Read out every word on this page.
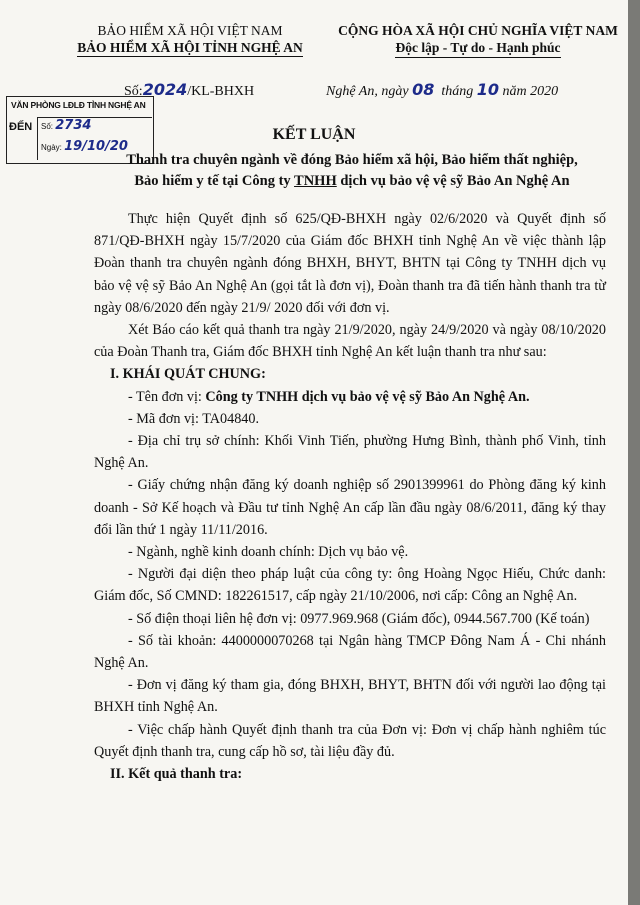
BẢO HIỂM XÃ HỘI VIỆT NAM
BẢO HIỂM XÃ HỘI TỈNH NGHỆ AN
CỘNG HÒA XÃ HỘI CHỦ NGHĨA VIỆT NAM
Độc lập - Tự do - Hạnh phúc
Số:2024/KL-BHXH	Nghệ An, ngày 08 tháng 10 năm 2020
VĂN PHÒNG LĐLĐ TỈNH NGHỆ AN
ĐẾN Số: 2734
Ngày: 19/10/20
KẾT LUẬN
Thanh tra chuyên ngành về đóng Bảo hiểm xã hội, Bảo hiểm thất nghiệp,
Bảo hiểm y tế tại Công ty TNHH dịch vụ bảo vệ vệ sỹ Bảo An Nghệ An

Thực hiện Quyết định số 625/QĐ-BHXH ngày 02/6/2020 và Quyết định số 871/QĐ-BHXH ngày 15/7/2020 của Giám đốc BHXH tỉnh Nghệ An về việc thành lập Đoàn thanh tra chuyên ngành đóng BHXH, BHYT, BHTN tại Công ty TNHH dịch vụ bảo vệ vệ sỹ Bảo An Nghệ An (gọi tắt là đơn vị), Đoàn thanh tra đã tiến hành thanh tra từ ngày 08/6/2020 đến ngày 21/9/ 2020 đối với đơn vị.

Xét Báo cáo kết quả thanh tra ngày 21/9/2020, ngày 24/9/2020 và ngày 08/10/2020 của Đoàn Thanh tra, Giám đốc BHXH tỉnh Nghệ An kết luận thanh tra như sau:

I. KHÁI QUÁT CHUNG:

- Tên đơn vị: Công ty TNHH dịch vụ bảo vệ vệ sỹ Bảo An Nghệ An.

- Mã đơn vị: TA04840.

- Địa chỉ trụ sở chính: Khối Vinh Tiến, phường Hưng Bình, thành phố Vinh, tỉnh Nghệ An.

- Giấy chứng nhận đăng ký doanh nghiệp số 2901399961 do Phòng đăng ký kinh doanh - Sở Kế hoạch và Đầu tư tỉnh Nghệ An cấp lần đầu ngày 08/6/2011, đăng ký thay đổi lần thứ 1 ngày 11/11/2016.

- Ngành, nghề kinh doanh chính: Dịch vụ bảo vệ.

- Người đại diện theo pháp luật của công ty: ông Hoàng Ngọc Hiếu, Chức danh: Giám đốc, Số CMND: 182261517, cấp ngày 21/10/2006, nơi cấp: Công an Nghệ An.

- Số điện thoại liên hệ đơn vị: 0977.969.968 (Giám đốc), 0944.567.700 (Kế toán)

- Số tài khoản: 4400000070268 tại Ngân hàng TMCP Đông Nam Á - Chi nhánh Nghệ An.

- Đơn vị đăng ký tham gia, đóng BHXH, BHYT, BHTN đối với người lao động tại BHXH tỉnh Nghệ An.

- Việc chấp hành Quyết định thanh tra của Đơn vị: Đơn vị chấp hành nghiêm túc Quyết định thanh tra, cung cấp hồ sơ, tài liệu đầy đủ.

II. Kết quả thanh tra:
